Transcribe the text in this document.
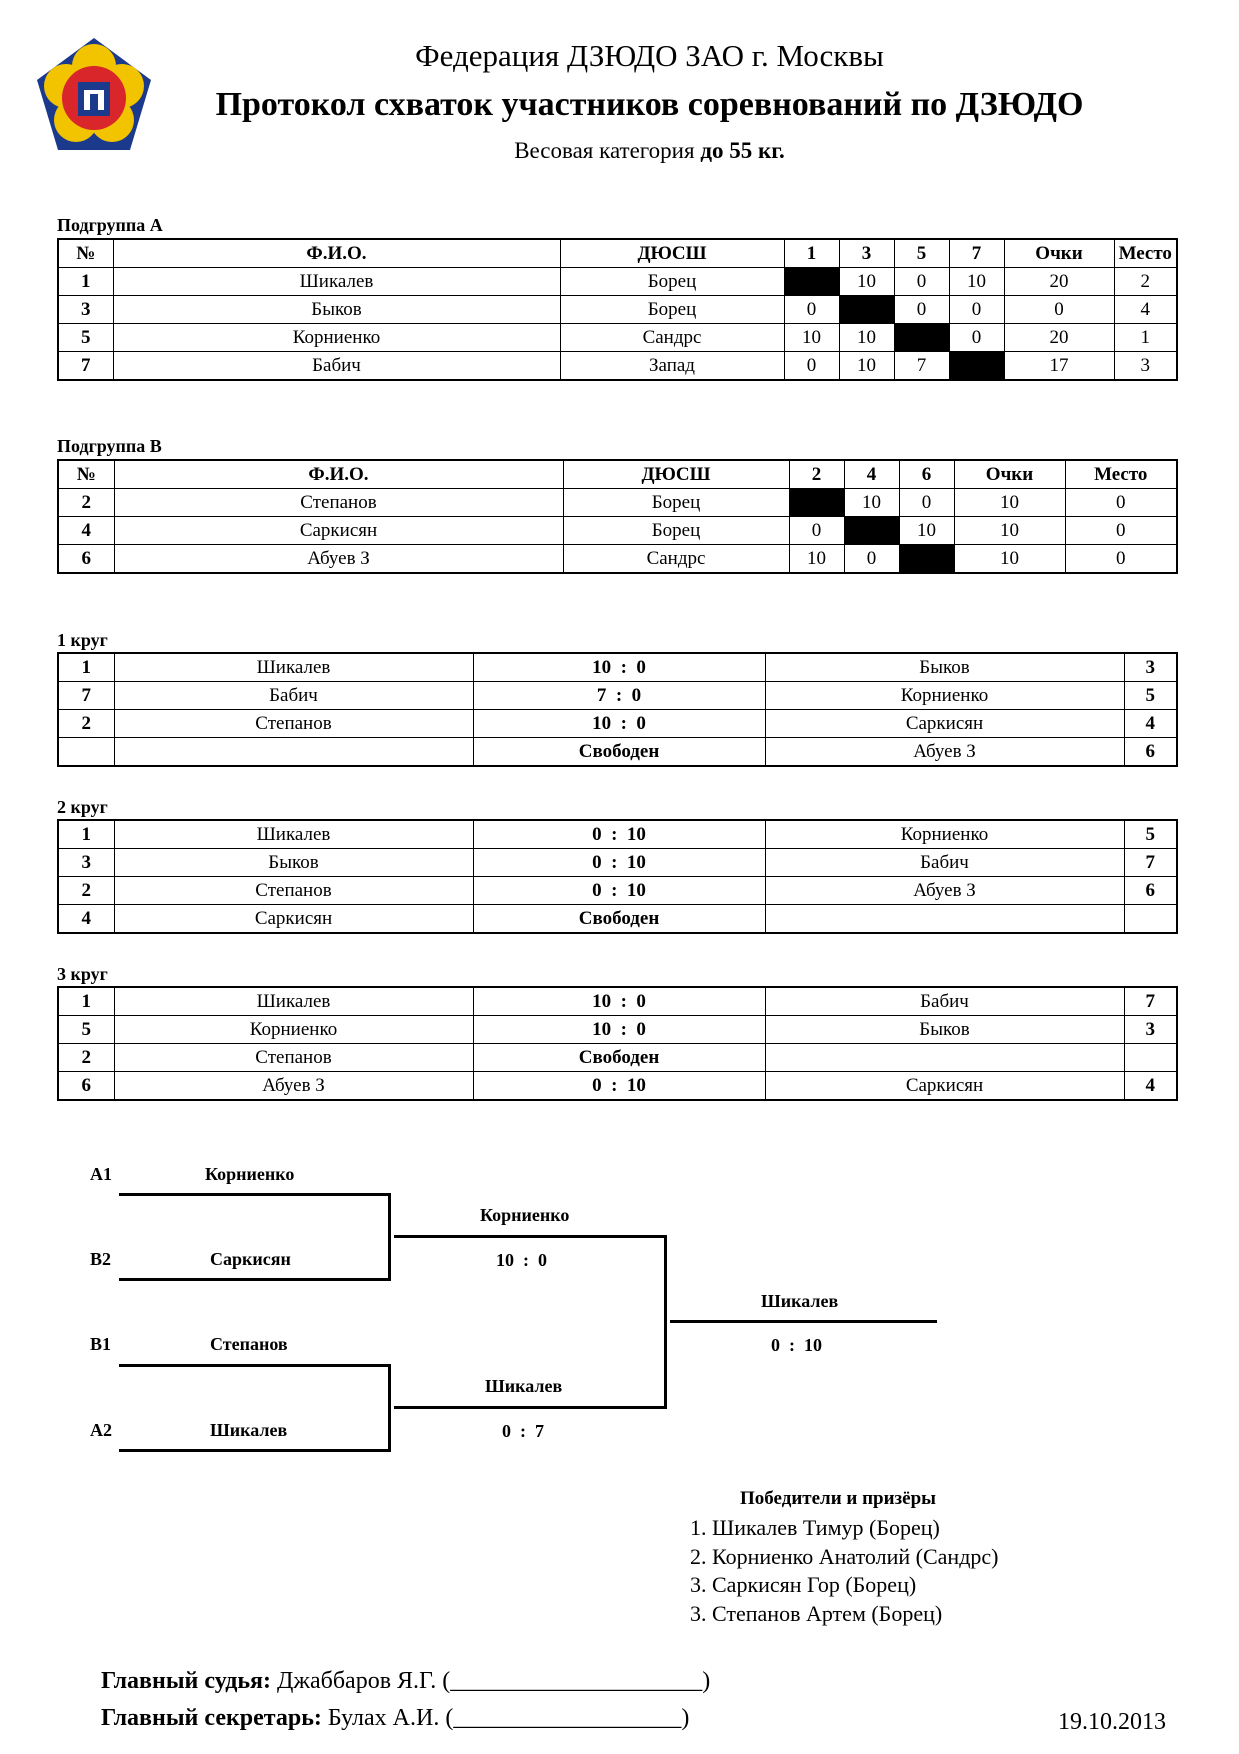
Федерация ДЗЮДО ЗАО г. Москвы
Протокол схваток участников соревнований по ДЗЮДО
Весовая категория до 55 кг.
Подгруппа А
№	Ф.И.О.	ДЮСШ	1	3	5	7	Очки	Место
1	Шикалев	Борец		10	0	10	20	2
3	Быков	Борец	0		0	0	0	4
5	Корниенко	Сандрс	10	10		0	20	1
7	Бабич	Запад	0	10	7		17	3
Подгруппа В
№	Ф.И.О.	ДЮСШ	2	4	6	Очки	Место
2	Степанов	Борец		10	0	10	0
4	Саркисян	Борец	0		10	10	0
6	Абуев З	Сандрс	10	0		10	0
1 круг
1	Шикалев	10  :  0	Быков	3
7	Бабич	7  :  0	Корниенко	5
2	Степанов	10  :  0	Саркисян	4
		Свободен	Абуев З	6
2 круг
1	Шикалев	0  :  10	Корниенко	5
3	Быков	0  :  10	Бабич	7
2	Степанов	0  :  10	Абуев З	6
4	Саркисян	Свободен		
3 круг
1	Шикалев	10  :  0	Бабич	7
5	Корниенко	10  :  0	Быков	3
2	Степанов	Свободен		
6	Абуев З	0  :  10	Саркисян	4
А1	Корниенко
В2	Саркисян
В1	Степанов
А2	Шикалев
Корниенко
10  :  0
Шикалев
0  :  7
Шикалев
0  :  10
Победители и призёры
1. Шикалев Тимур (Борец)
2. Корниенко Анатолий (Сандрс)
3. Саркисян Гор (Борец)
3. Степанов Артем (Борец)
Главный судья: Джаббаров Я.Г. (_____________________)
Главный секретарь: Булах А.И. (___________________)	19.10.2013
